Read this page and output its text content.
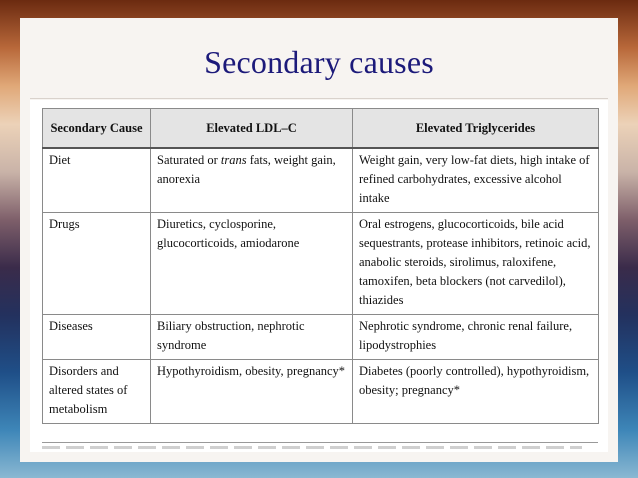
Secondary causes
Secondary Cause	Elevated LDL–C	Elevated Triglycerides
Diet	Saturated or trans fats, weight gain, anorexia	Weight gain, very low-fat diets, high intake of refined carbohydrates, excessive alcohol intake
Drugs	Diuretics, cyclosporine, glucocorticoids, amiodarone	Oral estrogens, glucocorticoids, bile acid sequestrants, protease inhibitors, retinoic acid, anabolic steroids, sirolimus, raloxifene, tamoxifen, beta blockers (not carvedilol), thiazides
Diseases	Biliary obstruction, nephrotic syndrome	Nephrotic syndrome, chronic renal failure, lipodystrophies
Disorders and altered states of metabolism	Hypothyroidism, obesity, pregnancy*	Diabetes (poorly controlled), hypothyroidism, obesity; pregnancy*
